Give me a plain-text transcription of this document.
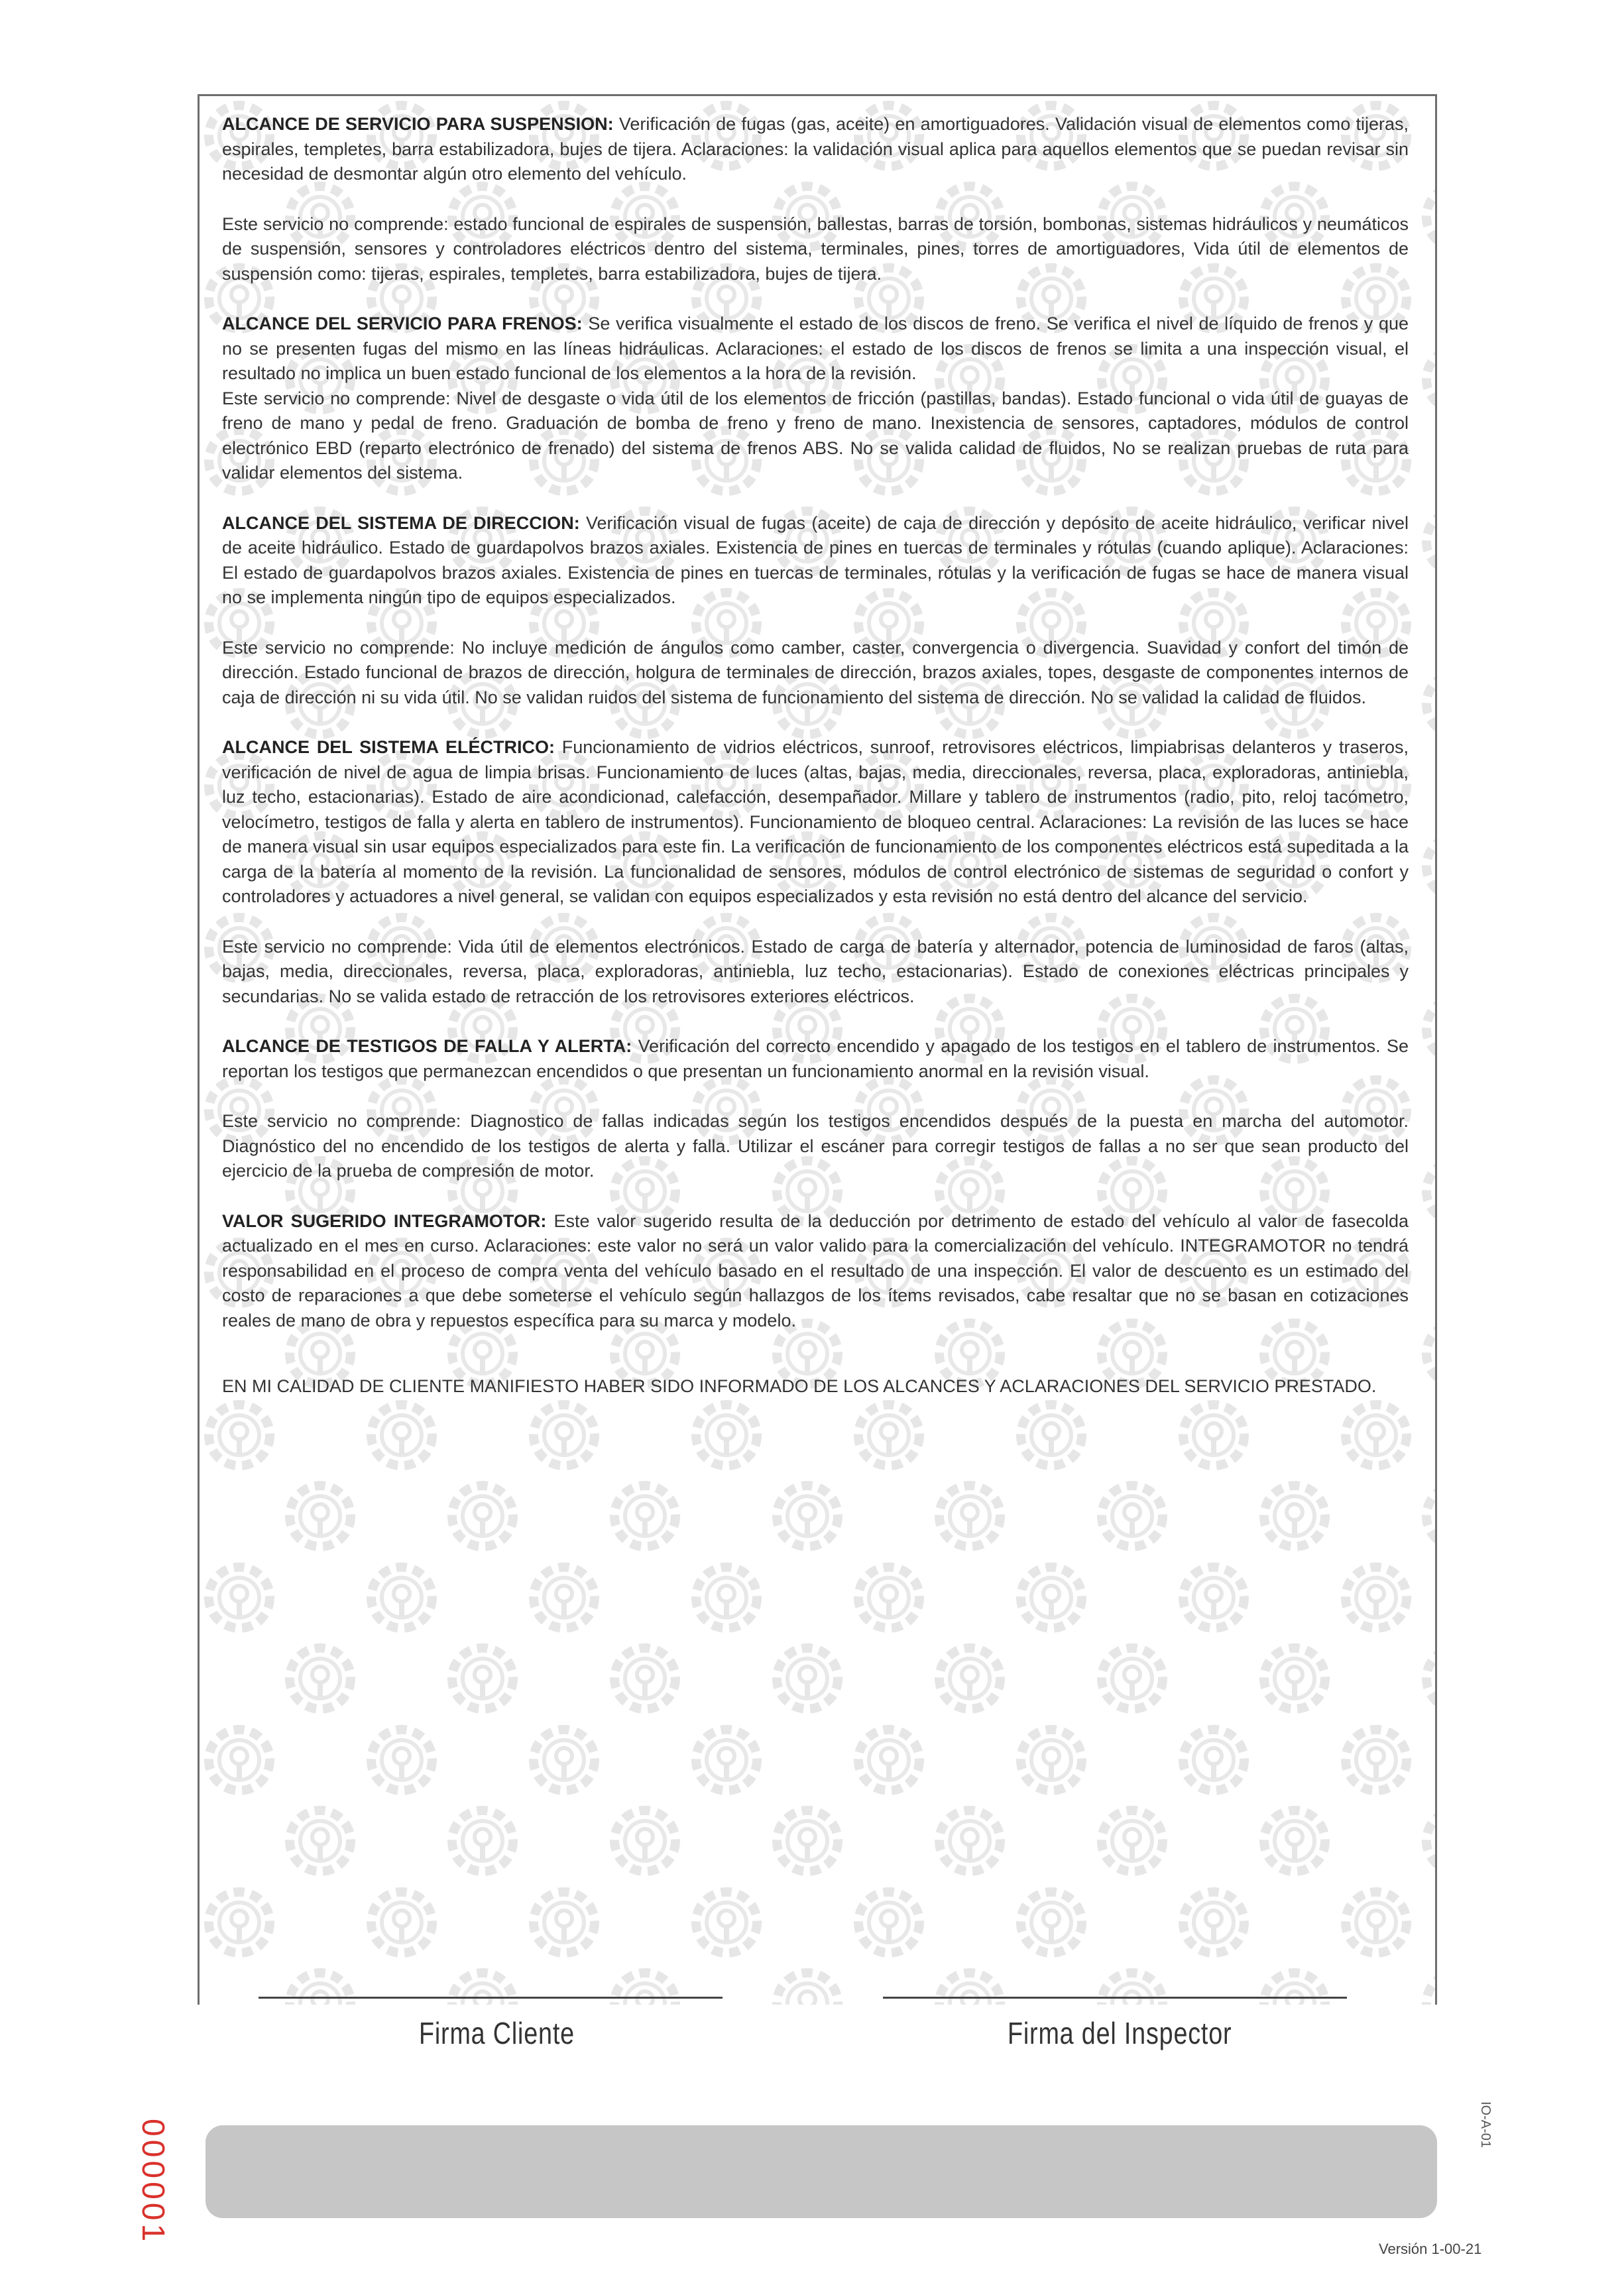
ALCANCE DE SERVICIO PARA SUSPENSION: Verificación de fugas (gas, aceite) en amortiguadores. Validación visual de elementos como tijeras, espirales, templetes, barra estabilizadora, bujes de tijera. Aclaraciones: la validación visual aplica para aquellos elementos que se puedan revisar sin necesidad de desmontar algún otro elemento del vehículo.

Este servicio no comprende: estado funcional de espirales de suspensión, ballestas, barras de torsión, bombonas, sistemas hidráulicos y neumáticos de suspensión, sensores y controladores eléctricos dentro del sistema, terminales, pines, torres de amortiguadores, Vida útil de elementos de suspensión como: tijeras, espirales, templetes, barra estabilizadora, bujes de tijera.

ALCANCE DEL SERVICIO PARA FRENOS: Se verifica visualmente el estado de los discos de freno. Se verifica el nivel de líquido de frenos y que no se presenten fugas del mismo en las líneas hidráulicas. Aclaraciones: el estado de los discos de frenos se limita a una inspección visual, el resultado no implica un buen estado funcional de los elementos a la hora de la revisión.

Este servicio no comprende: Nivel de desgaste o vida útil de los elementos de fricción (pastillas, bandas). Estado funcional o vida útil de guayas de freno de mano y pedal de freno. Graduación de bomba de freno y freno de mano. Inexistencia de sensores, captadores, módulos de control electrónico EBD (reparto electrónico de frenado) del sistema de frenos ABS. No se valida calidad de fluidos, No se realizan pruebas de ruta para validar elementos del sistema.

ALCANCE DEL SISTEMA DE DIRECCION: Verificación visual de fugas (aceite) de caja de dirección y depósito de aceite hidráulico, verificar nivel de aceite hidráulico. Estado de guardapolvos brazos axiales. Existencia de pines en tuercas de terminales y rótulas (cuando aplique). Aclaraciones: El estado de guardapolvos brazos axiales. Existencia de pines en tuercas de terminales, rótulas y la verificación de fugas se hace de manera visual no se implementa ningún tipo de equipos especializados.

Este servicio no comprende: No incluye medición de ángulos como camber, caster, convergencia o divergencia. Suavidad y confort del timón de dirección. Estado funcional de brazos de dirección, holgura de terminales de dirección, brazos axiales, topes, desgaste de componentes internos de caja de dirección ni su vida útil. No se validan ruidos del sistema de funcionamiento del sistema de dirección. No se validad la calidad de fluidos.

ALCANCE DEL SISTEMA ELÉCTRICO: Funcionamiento de vidrios eléctricos, sunroof, retrovisores eléctricos, limpiabrisas delanteros y traseros, verificación de nivel de agua de limpia brisas. Funcionamiento de luces (altas, bajas, media, direccionales, reversa, placa, exploradoras, antiniebla, luz techo, estacionarias). Estado de aire acondicionad, calefacción, desempañador. Millare y tablero de instrumentos (radio, pito, reloj tacómetro, velocímetro, testigos de falla y alerta en tablero de instrumentos). Funcionamiento de bloqueo central. Aclaraciones: La revisión de las luces se hace de manera visual sin usar equipos especializados para este fin. La verificación de funcionamiento de los componentes eléctricos está supeditada a la carga de la batería al momento de la revisión. La funcionalidad de sensores, módulos de control electrónico de sistemas de seguridad o confort y controladores y actuadores a nivel general, se validan con equipos especializados y esta revisión no está dentro del alcance del servicio.

Este servicio no comprende: Vida útil de elementos electrónicos. Estado de carga de batería y alternador, potencia de luminosidad de faros (altas, bajas, media, direccionales, reversa, placa, exploradoras, antiniebla, luz techo, estacionarias). Estado de conexiones eléctricas principales y secundarias. No se valida estado de retracción de los retrovisores exteriores eléctricos.

ALCANCE DE TESTIGOS DE FALLA Y ALERTA: Verificación del correcto encendido y apagado de los testigos en el tablero de instrumentos. Se reportan los testigos que permanezcan encendidos o que presentan un funcionamiento anormal en la revisión visual.

Este servicio no comprende: Diagnostico de fallas indicadas según los testigos encendidos después de la puesta en marcha del automotor. Diagnóstico del no encendido de los testigos de alerta y falla. Utilizar el escáner para corregir testigos de fallas a no ser que sean producto del ejercicio de la prueba de compresión de motor.

VALOR SUGERIDO INTEGRAMOTOR: Este valor sugerido resulta de la deducción por detrimento de estado del vehículo al valor de fasecolda actualizado en el mes en curso. Aclaraciones: este valor no será un valor valido para la comercialización del vehículo. INTEGRAMOTOR no tendrá responsabilidad en el proceso de compra venta del vehículo basado en el resultado de una inspección. El valor de descuento es un estimado del costo de reparaciones a que debe someterse el vehículo según hallazgos de los ítems revisados, cabe resaltar que no se basan en cotizaciones reales de mano de obra y repuestos específica para su marca y modelo.

EN MI CALIDAD DE CLIENTE MANIFIESTO HABER SIDO INFORMADO DE LOS ALCANCES Y ACLARACIONES DEL SERVICIO PRESTADO.

Firma Cliente	Firma del Inspector
000001	IO-A-01
Versión 1-00-21
